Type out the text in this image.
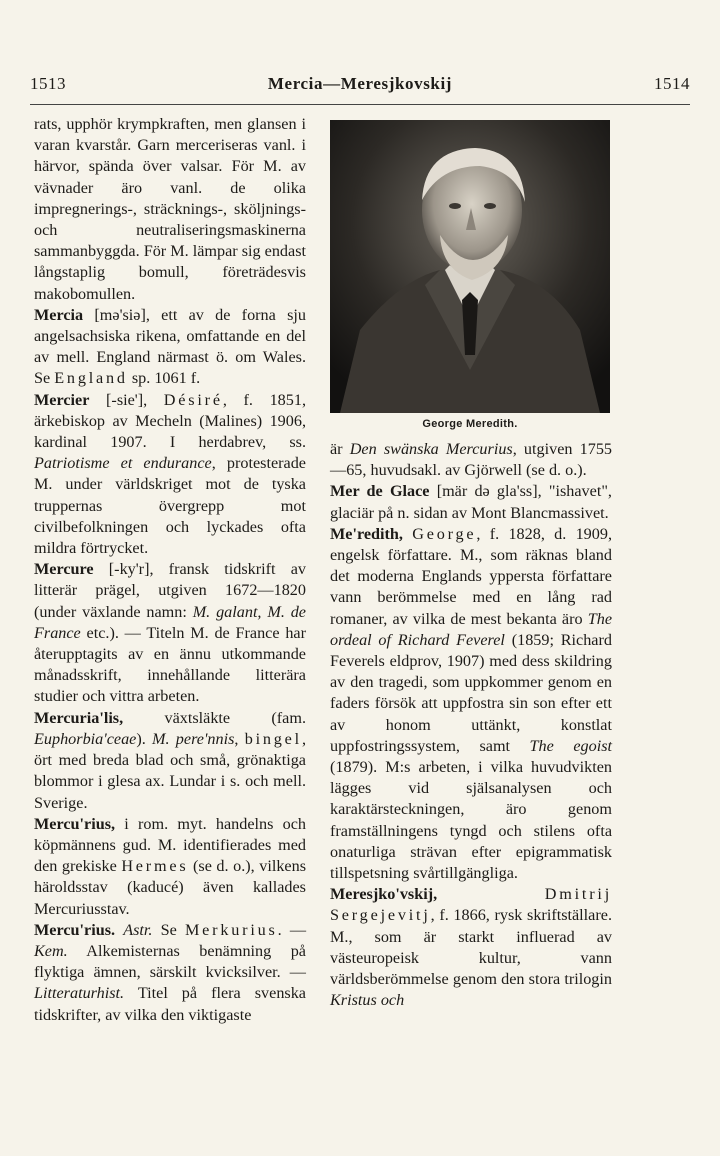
1513	Mercia—Meresjkovskij	1514

rats, upphör krympkraften, men glansen i varan kvarstår. Garn merceriseras vanl. i härvor, spända över valsar. För M. av vävnader äro vanl. de olika impregnerings-, sträcknings-, sköljnings- och neutraliseringsmaskinerna sammanbyggda. För M. lämpar sig endast långstaplig bomull, företrädesvis makobomullen.

Mercia [mə'siə], ett av de forna sju angelsachsiska rikena, omfattande en del av mell. England närmast ö. om Wales. Se England sp. 1061 f.

Mercier [-sie'], Désiré, f. 1851, ärkebiskop av Mecheln (Malines) 1906, kardinal 1907. I herdabrev, ss. Patriotisme et endurance, protesterade M. under världskriget mot de tyska truppernas övergrepp mot civilbefolkningen och lyckades ofta mildra förtrycket.

Mercure [-ky'r], fransk tidskrift av litterär prägel, utgiven 1672—1820 (under växlande namn: M. galant, M. de France etc.). — Titeln M. de France har återupptagits av en ännu utkommande månadsskrift, innehållande litterära studier och vittra arbeten.

Mercuria'lis, växtsläkte (fam. Euphorbia'ceae). M. pere'nnis, bingel, ört med breda blad och små, grönaktiga blommor i glesa ax. Lundar i s. och mell. Sverige.

Mercu'rius, i rom. myt. handelns och köpmännens gud. M. identifierades med den grekiske Hermes (se d. o.), vilkens häroldsstav (kaducé) även kallades Mercuriusstav.

Mercu'rius. Astr. Se Merkurius. — Kem. Alkemisternas benämning på flyktiga ämnen, särskilt kvicksilver. — Litteraturhist. Titel på flera svenska tidskrifter, av vilka den viktigaste

George Meredith.

är Den swänska Mercurius, utgiven 1755—65, huvudsakl. av Gjörwell (se d. o.).

Mer de Glace [mär də gla'ss], "ishavet", glaciär på n. sidan av Mont Blancmassivet.

Me'redith, George, f. 1828, d. 1909, engelsk författare. M., som räknas bland det moderna Englands yppersta författare vann berömmelse med en lång rad romaner, av vilka de mest bekanta äro The ordeal of Richard Feverel (1859; Richard Feverels eldprov, 1907) med dess skildring av den tragedi, som uppkommer genom en faders försök att uppfostra sin son efter ett av honom uttänkt, konstlat uppfostringssystem, samt The egoist (1879). M:s arbeten, i vilka huvudvikten lägges vid själsanalysen och karaktärsteckningen, äro genom framställningens tyngd och stilens ofta onaturliga strävan efter epigrammatisk tillspetsning svårtillgängliga.

Meresjko'vskij,	Dmitrij Sergejevitj, f. 1866, rysk skriftställare. M., som är starkt influerad av västeuropeisk kultur, vann världsberömmelse genom den stora trilogin Kristus och
